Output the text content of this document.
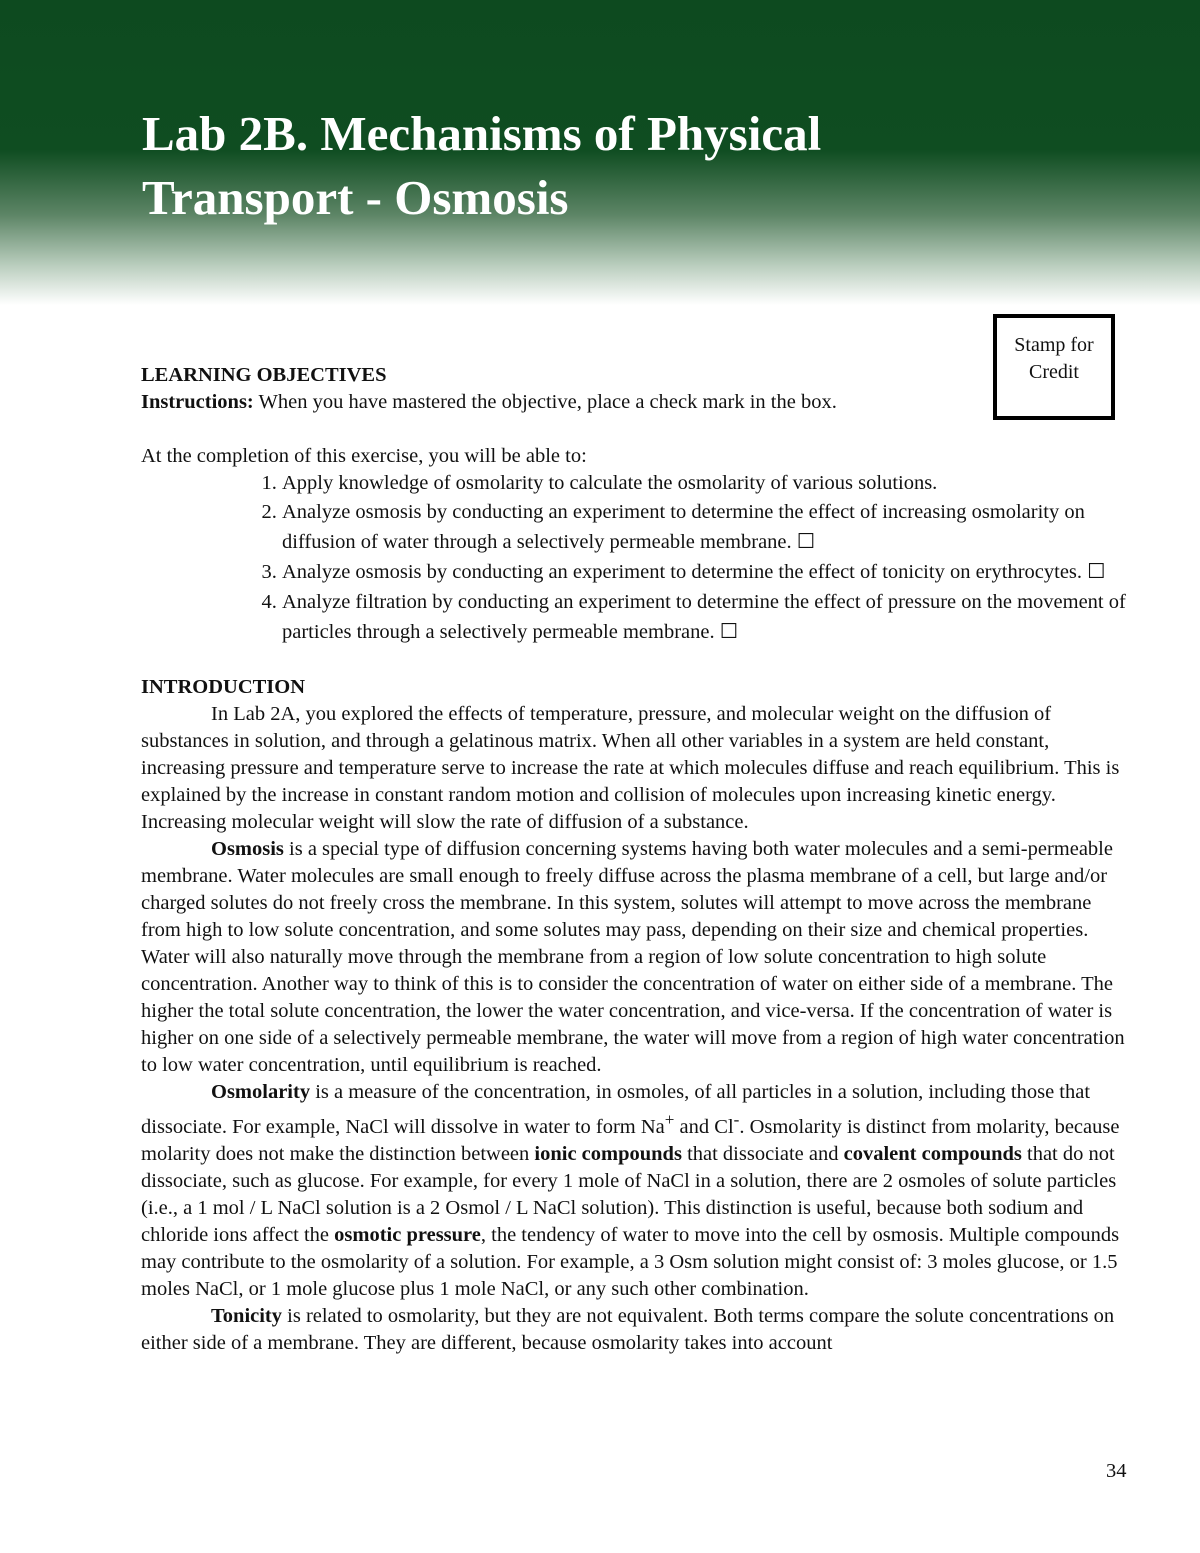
Lab 2B. Mechanisms of Physical
Transport - Osmosis
Stamp for
Credit

LEARNING OBJECTIVES

Instructions: When you have mastered the objective, place a check mark in the box.

At the completion of this exercise, you will be able to:

1. Apply knowledge of osmolarity to calculate the osmolarity of various solutions.
2. Analyze osmosis by conducting an experiment to determine the effect of increasing osmolarity on diffusion of water through a selectively permeable membrane. ☐
3. Analyze osmosis by conducting an experiment to determine the effect of tonicity on erythrocytes. ☐
4. Analyze filtration by conducting an experiment to determine the effect of pressure on the movement of particles through a selectively permeable membrane. ☐

INTRODUCTION

In Lab 2A, you explored the effects of temperature, pressure, and molecular weight on the diffusion of substances in solution, and through a gelatinous matrix. When all other variables in a system are held constant, increasing pressure and temperature serve to increase the rate at which molecules diffuse and reach equilibrium. This is explained by the increase in constant random motion and collision of molecules upon increasing kinetic energy. Increasing molecular weight will slow the rate of diffusion of a substance.

Osmosis is a special type of diffusion concerning systems having both water molecules and a semi-permeable membrane. Water molecules are small enough to freely diffuse across the plasma membrane of a cell, but large and/or charged solutes do not freely cross the membrane. In this system, solutes will attempt to move across the membrane from high to low solute concentration, and some solutes may pass, depending on their size and chemical properties. Water will also naturally move through the membrane from a region of low solute concentration to high solute concentration. Another way to think of this is to consider the concentration of water on either side of a membrane. The higher the total solute concentration, the lower the water concentration, and vice-versa. If the concentration of water is higher on one side of a selectively permeable membrane, the water will move from a region of high water concentration to low water concentration, until equilibrium is reached.

Osmolarity is a measure of the concentration, in osmoles, of all particles in a solution, including those that dissociate. For example, NaCl will dissolve in water to form Na+ and Cl-. Osmolarity is distinct from molarity, because molarity does not make the distinction between ionic compounds that dissociate and covalent compounds that do not dissociate, such as glucose. For example, for every 1 mole of NaCl in a solution, there are 2 osmoles of solute particles (i.e., a 1 mol / L NaCl solution is a 2 Osmol / L NaCl solution). This distinction is useful, because both sodium and chloride ions affect the osmotic pressure, the tendency of water to move into the cell by osmosis. Multiple compounds may contribute to the osmolarity of a solution. For example, a 3 Osm solution might consist of: 3 moles glucose, or 1.5 moles NaCl, or 1 mole glucose plus 1 mole NaCl, or any such other combination.

Tonicity is related to osmolarity, but they are not equivalent. Both terms compare the solute concentrations on either side of a membrane. They are different, because osmolarity takes into account

34
